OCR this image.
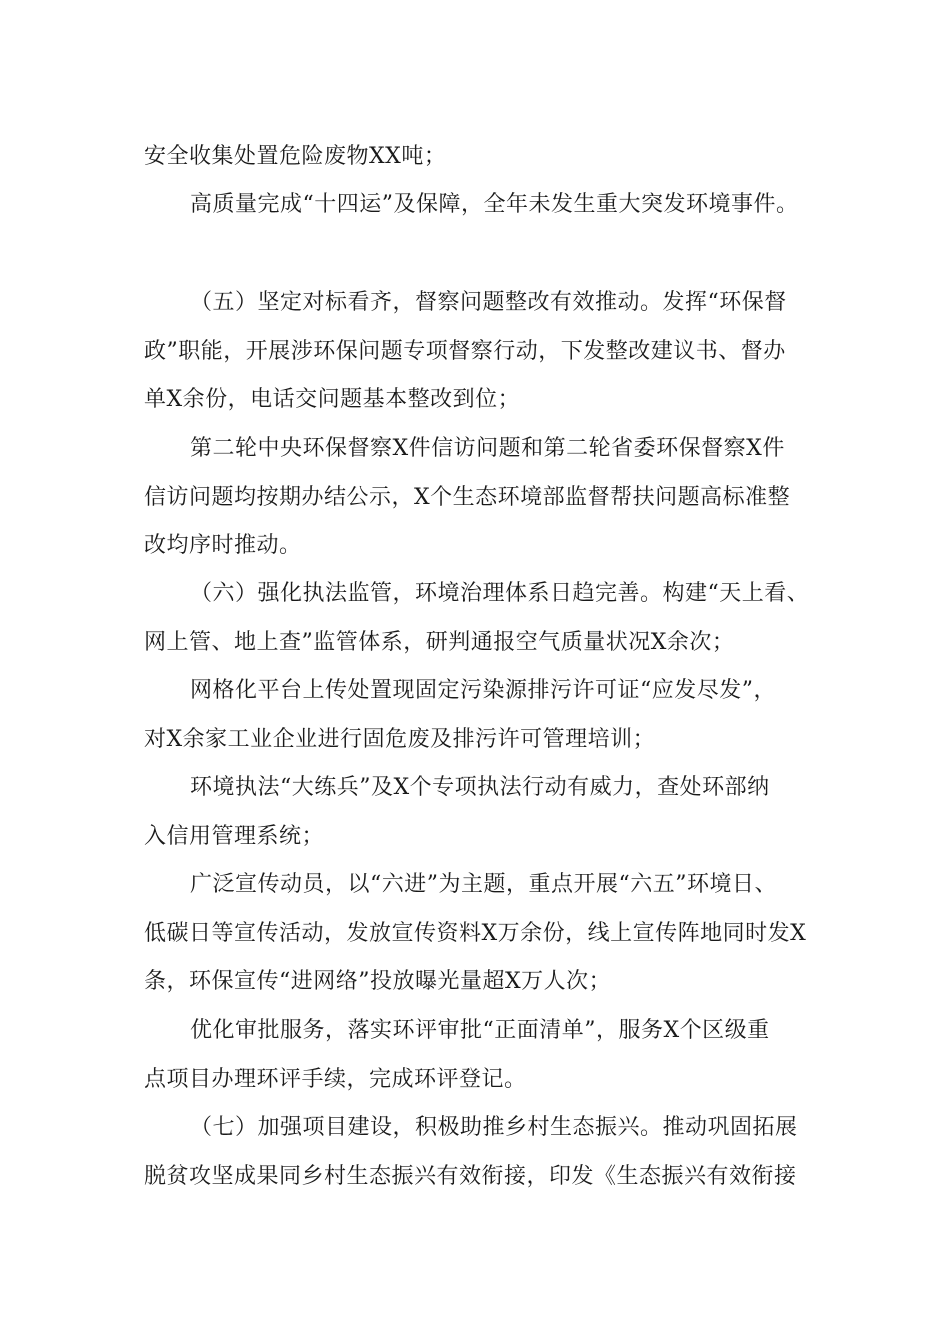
安全收集处置危险废物XX吨；

高质量完成“十四运”及保障，全年未发生重大突发环境事件。

（五）坚定对标看齐，督察问题整改有效推动。发挥“环保督
政”职能，开展涉环保问题专项督察行动，下发整改建议书、督办
单X余份，电话交问题基本整改到位；

第二轮中央环保督察X件信访问题和第二轮省委环保督察X件
信访问题均按期办结公示，X个生态环境部监督帮扶问题高标准整
改均序时推动。

（六）强化执法监管，环境治理体系日趋完善。构建“天上看、
网上管、地上查”监管体系，研判通报空气质量状况X余次；

网格化平台上传处置现固定污染源排污许可证“应发尽发”，
对X余家工业企业进行固危废及排污许可管理培训；

环境执法“大练兵”及X个专项执法行动有威力，查处环部纳
入信用管理系统；

广泛宣传动员，以“六进”为主题，重点开展“六五”环境日、
低碳日等宣传活动，发放宣传资料X万余份，线上宣传阵地同时发X
条，环保宣传“进网络”投放曝光量超X万人次；

优化审批服务，落实环评审批“正面清单”，服务X个区级重
点项目办理环评手续，完成环评登记。

（七）加强项目建设，积极助推乡村生态振兴。推动巩固拓展
脱贫攻坚成果同乡村生态振兴有效衔接，印发《生态振兴有效衔接
